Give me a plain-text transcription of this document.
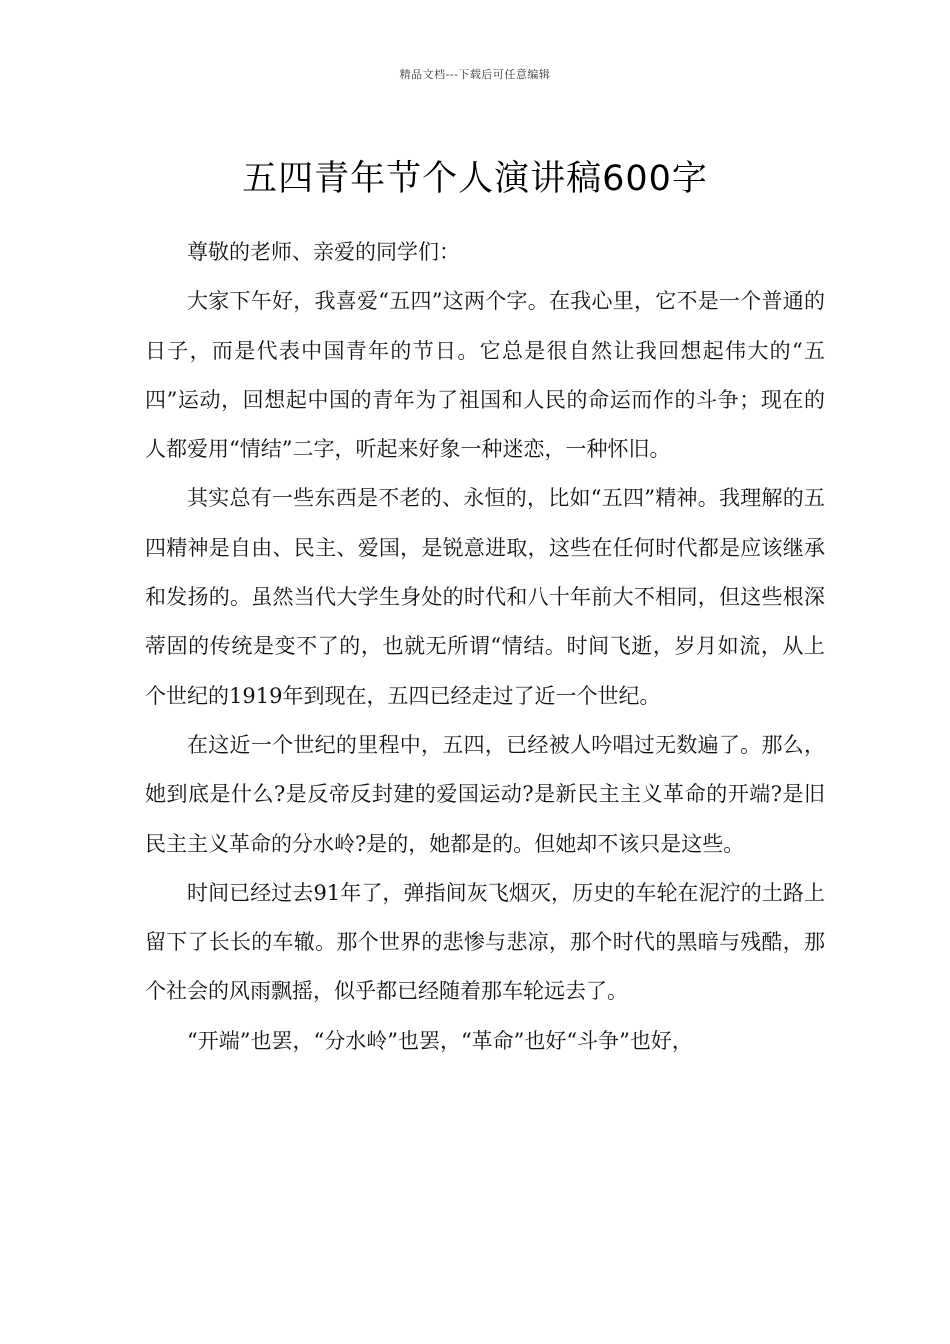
精品文档---下载后可任意编辑
五四青年节个人演讲稿600字

尊敬的老师、亲爱的同学们：

大家下午好，我喜爱“五四”这两个字。在我心里，它不是一个普通的日子，而是代表中国青年的节日。它总是很自然让我回想起伟大的“五四”运动，回想起中国的青年为了祖国和人民的命运而作的斗争；现在的人都爱用“情结”二字，听起来好象一种迷恋，一种怀旧。

其实总有一些东西是不老的、永恒的，比如“五四”精神。我理解的五四精神是自由、民主、爱国，是锐意进取，这些在任何时代都是应该继承和发扬的。虽然当代大学生身处的时代和八十年前大不相同，但这些根深蒂固的传统是变不了的，也就无所谓“情结。时间飞逝，岁月如流，从上个世纪的1919年到现在，五四已经走过了近一个世纪。

在这近一个世纪的里程中，五四，已经被人吟唱过无数遍了。那么，她到底是什么?是反帝反封建的爱国运动?是新民主主义革命的开端?是旧民主主义革命的分水岭?是的，她都是的。但她却不该只是这些。

时间已经过去91年了，弹指间灰飞烟灭，历史的车轮在泥泞的土路上留下了长长的车辙。那个世界的悲惨与悲凉，那个时代的黑暗与残酷，那个社会的风雨飘摇，似乎都已经随着那车轮远去了。

“开端”也罢，“分水岭”也罢，“革命”也好“斗争”也好，
